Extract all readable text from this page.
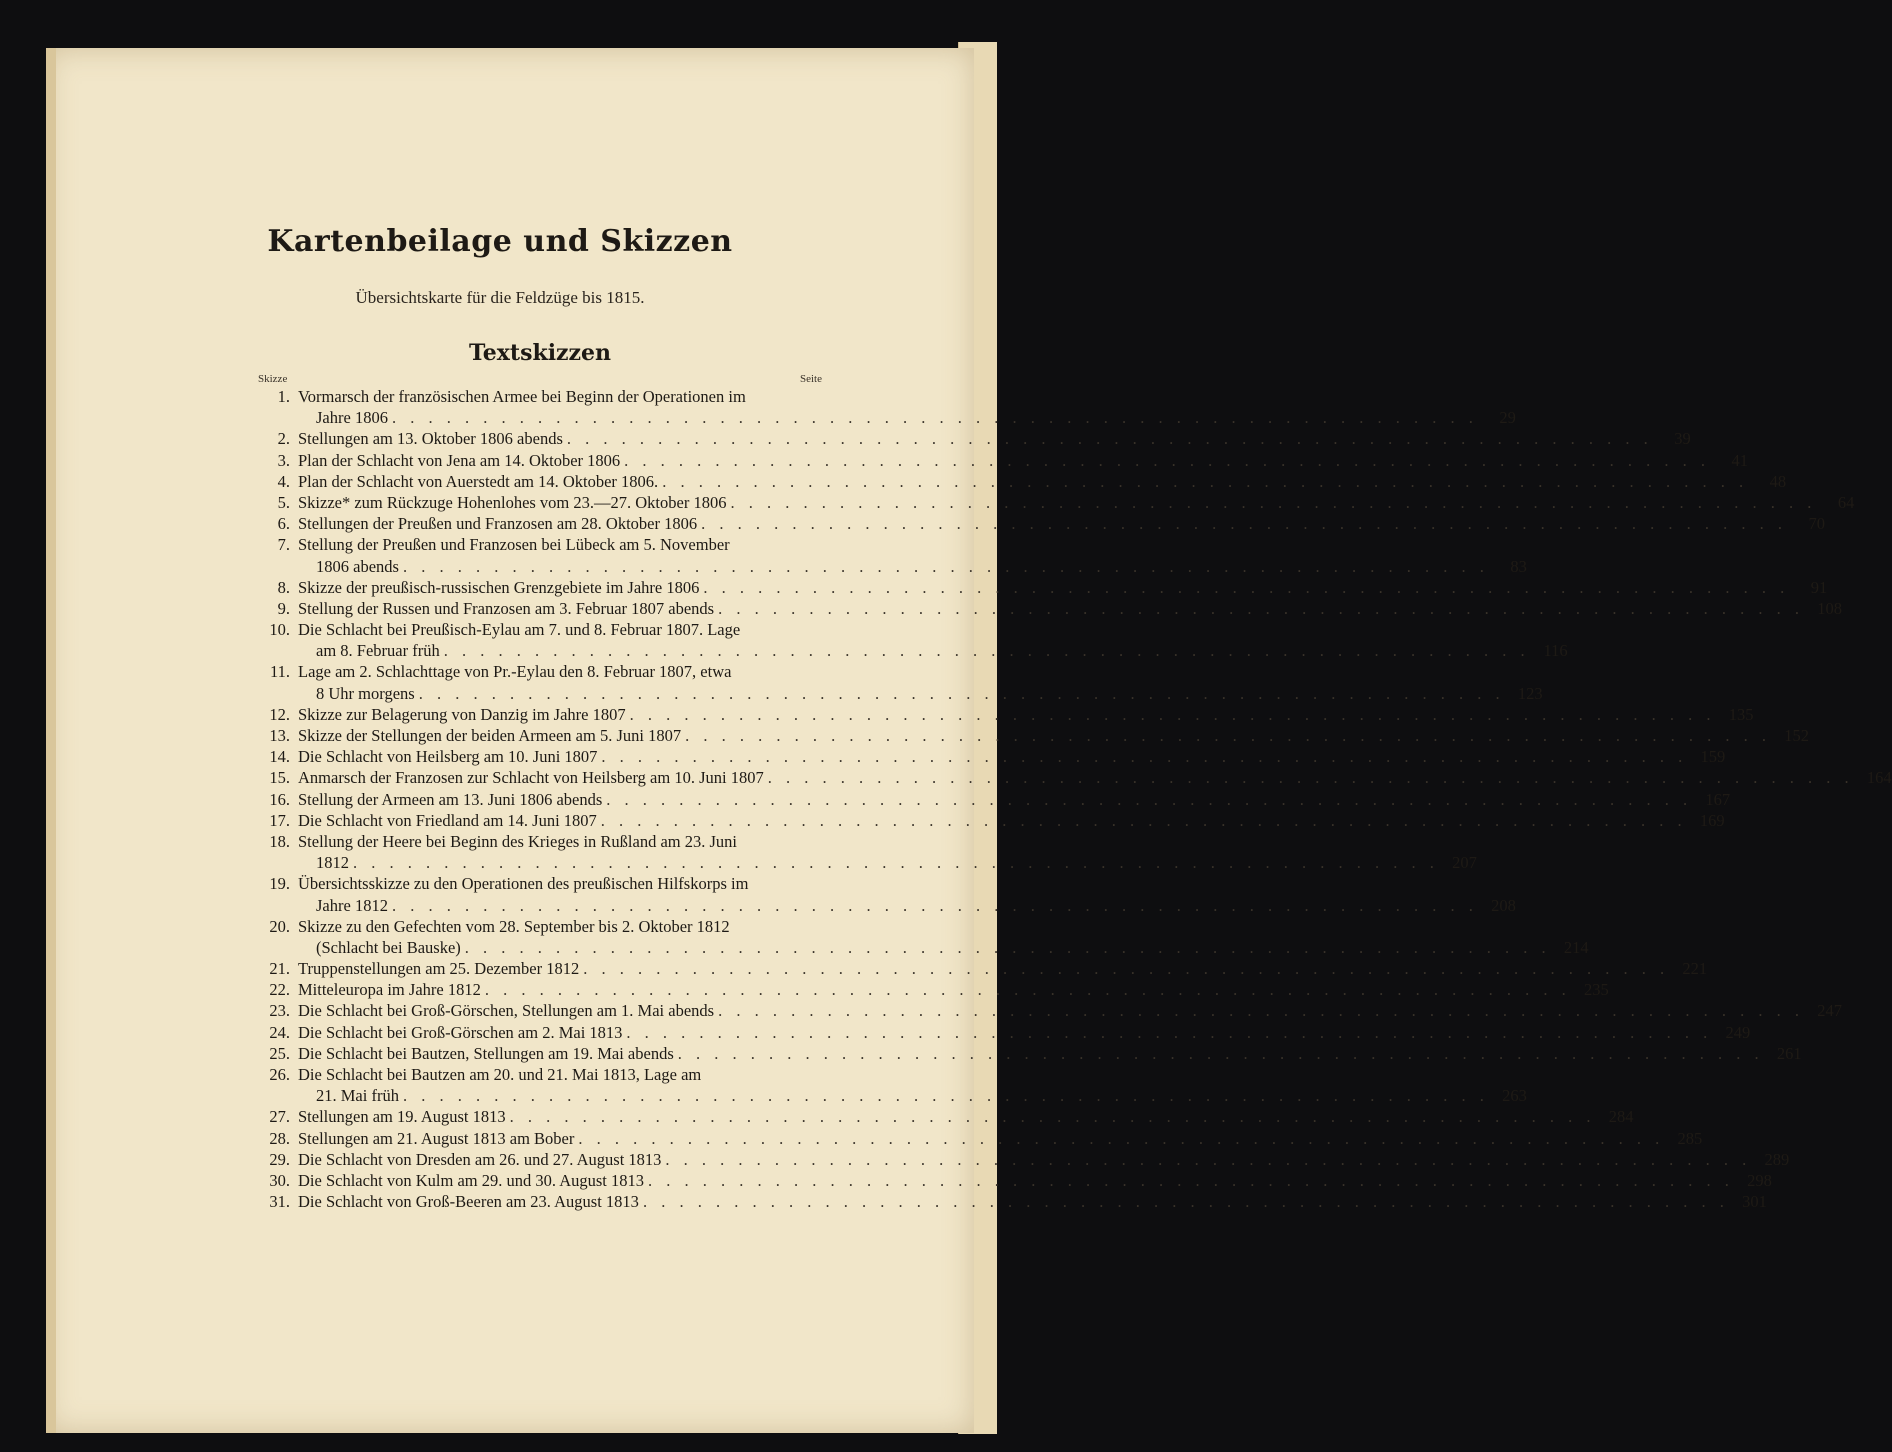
Kartenbeilage und Skizzen
Übersichtskarte für die Feldzüge bis 1815.
Textskizzen
Skizze	Seite
1. Vormarsch der französischen Armee bei Beginn der Operationen im
Jahre 1806 . . . . . . . . . . . . . . . . . . . . . . . . . . . . . . . . . . . . . . . . . . . . . . . . . . . . . . . . . . . .	29
2. Stellungen am 13. Oktober 1806 abends . . . . . . . . . . . . . . . . . . . . . . . . . . . . . . . . . . . . . . . . . . . . . . . . . . . . . . . . . . . .	39
3. Plan der Schlacht von Jena am 14. Oktober 1806 . . . . . . . . . . . . . . . . . . . . . . . . . . . . . . . . . . . . . . . . . . . . . . . . . . . . . . . . . . . .	41
4. Plan der Schlacht von Auerstedt am 14. Oktober 1806. . . . . . . . . . . . . . . . . . . . . . . . . . . . . . . . . . . . . . . . . . . . . . . . . . . . . . . . . . . . .	48
5. Skizze* zum Rückzuge Hohenlohes vom 23.—27. Oktober 1806 . . . . . . . . . . . . . . . . . . . . . . . . . . . . . . . . . . . . . . . . . . . . . . . . . . . . . . . . . . . .	64
6. Stellungen der Preußen und Franzosen am 28. Oktober 1806 . . . . . . . . . . . . . . . . . . . . . . . . . . . . . . . . . . . . . . . . . . . . . . . . . . . . . . . . . . . .	70
7. Stellung der Preußen und Franzosen bei Lübeck am 5. November
1806 abends . . . . . . . . . . . . . . . . . . . . . . . . . . . . . . . . . . . . . . . . . . . . . . . . . . . . . . . . . . . .	83
8. Skizze der preußisch-russischen Grenzgebiete im Jahre 1806 . . . . . . . . . . . . . . . . . . . . . . . . . . . . . . . . . . . . . . . . . . . . . . . . . . . . . . . . . . . .	91
9. Stellung der Russen und Franzosen am 3. Februar 1807 abends . . . . . . . . . . . . . . . . . . . . . . . . . . . . . . . . . . . . . . . . . . . . . . . . . . . . . . . . . . . . 108
10. Die Schlacht bei Preußisch-Eylau am 7. und 8. Februar 1807. Lage
am 8. Februar früh . . . . . . . . . . . . . . . . . . . . . . . . . . . . . . . . . . . . . . . . . . . . . . . . . . . . . . . . . . . . 116
11. Lage am 2. Schlachttage von Pr.-Eylau den 8. Februar 1807, etwa
8 Uhr morgens . . . . . . . . . . . . . . . . . . . . . . . . . . . . . . . . . . . . . . . . . . . . . . . . . . . . . . . . . . . . 123
12. Skizze zur Belagerung von Danzig im Jahre 1807 . . . . . . . . . . . . . . . . . . . . . . . . . . . . . . . . . . . . . . . . . . . . . . . . . . . . . . . . . . . . 135
13. Skizze der Stellungen der beiden Armeen am 5. Juni 1807 . . . . . . . . . . . . . . . . . . . . . . . . . . . . . . . . . . . . . . . . . . . . . . . . . . . . . . . . . . . . 152
14. Die Schlacht von Heilsberg am 10. Juni 1807 . . . . . . . . . . . . . . . . . . . . . . . . . . . . . . . . . . . . . . . . . . . . . . . . . . . . . . . . . . . . 159
15. Anmarsch der Franzosen zur Schlacht von Heilsberg am 10. Juni 1807 . . . . . . . . . . . . . . . . . . . . . . . . . . . . . . . . . . . . . . . . . . . . . . . . . . . . . . . . . . . . 164
16. Stellung der Armeen am 13. Juni 1806 abends . . . . . . . . . . . . . . . . . . . . . . . . . . . . . . . . . . . . . . . . . . . . . . . . . . . . . . . . . . . . 167
17. Die Schlacht von Friedland am 14. Juni 1807 . . . . . . . . . . . . . . . . . . . . . . . . . . . . . . . . . . . . . . . . . . . . . . . . . . . . . . . . . . . . 169
18. Stellung der Heere bei Beginn des Krieges in Rußland am 23. Juni
1812 . . . . . . . . . . . . . . . . . . . . . . . . . . . . . . . . . . . . . . . . . . . . . . . . . . . . . . . . . . . . 207
19. Übersichtsskizze zu den Operationen des preußischen Hilfskorps im
Jahre 1812 . . . . . . . . . . . . . . . . . . . . . . . . . . . . . . . . . . . . . . . . . . . . . . . . . . . . . . . . . . . . 208
20. Skizze zu den Gefechten vom 28. September bis 2. Oktober 1812
(Schlacht bei Bauske) . . . . . . . . . . . . . . . . . . . . . . . . . . . . . . . . . . . . . . . . . . . . . . . . . . . . . . . . . . . . 214
21. Truppenstellungen am 25. Dezember 1812 . . . . . . . . . . . . . . . . . . . . . . . . . . . . . . . . . . . . . . . . . . . . . . . . . . . . . . . . . . . . 221
22. Mitteleuropa im Jahre 1812 . . . . . . . . . . . . . . . . . . . . . . . . . . . . . . . . . . . . . . . . . . . . . . . . . . . . . . . . . . . . 235
23. Die Schlacht bei Groß-Görschen, Stellungen am 1. Mai abends . . . . . . . . . . . . . . . . . . . . . . . . . . . . . . . . . . . . . . . . . . . . . . . . . . . . . . . . . . . . 247
24. Die Schlacht bei Groß-Görschen am 2. Mai 1813 . . . . . . . . . . . . . . . . . . . . . . . . . . . . . . . . . . . . . . . . . . . . . . . . . . . . . . . . . . . . 249
25. Die Schlacht bei Bautzen, Stellungen am 19. Mai abends . . . . . . . . . . . . . . . . . . . . . . . . . . . . . . . . . . . . . . . . . . . . . . . . . . . . . . . . . . . . 261
26. Die Schlacht bei Bautzen am 20. und 21. Mai 1813, Lage am
21. Mai früh . . . . . . . . . . . . . . . . . . . . . . . . . . . . . . . . . . . . . . . . . . . . . . . . . . . . . . . . . . . . 263
27. Stellungen am 19. August 1813 . . . . . . . . . . . . . . . . . . . . . . . . . . . . . . . . . . . . . . . . . . . . . . . . . . . . . . . . . . . . 284
28. Stellungen am 21. August 1813 am Bober . . . . . . . . . . . . . . . . . . . . . . . . . . . . . . . . . . . . . . . . . . . . . . . . . . . . . . . . . . . . 285
29. Die Schlacht von Dresden am 26. und 27. August 1813 . . . . . . . . . . . . . . . . . . . . . . . . . . . . . . . . . . . . . . . . . . . . . . . . . . . . . . . . . . . . 289
30. Die Schlacht von Kulm am 29. und 30. August 1813 . . . . . . . . . . . . . . . . . . . . . . . . . . . . . . . . . . . . . . . . . . . . . . . . . . . . . . . . . . . . 298
31. Die Schlacht von Groß-Beeren am 23. August 1813 . . . . . . . . . . . . . . . . . . . . . . . . . . . . . . . . . . . . . . . . . . . . . . . . . . . . . . . . . . . . 301
